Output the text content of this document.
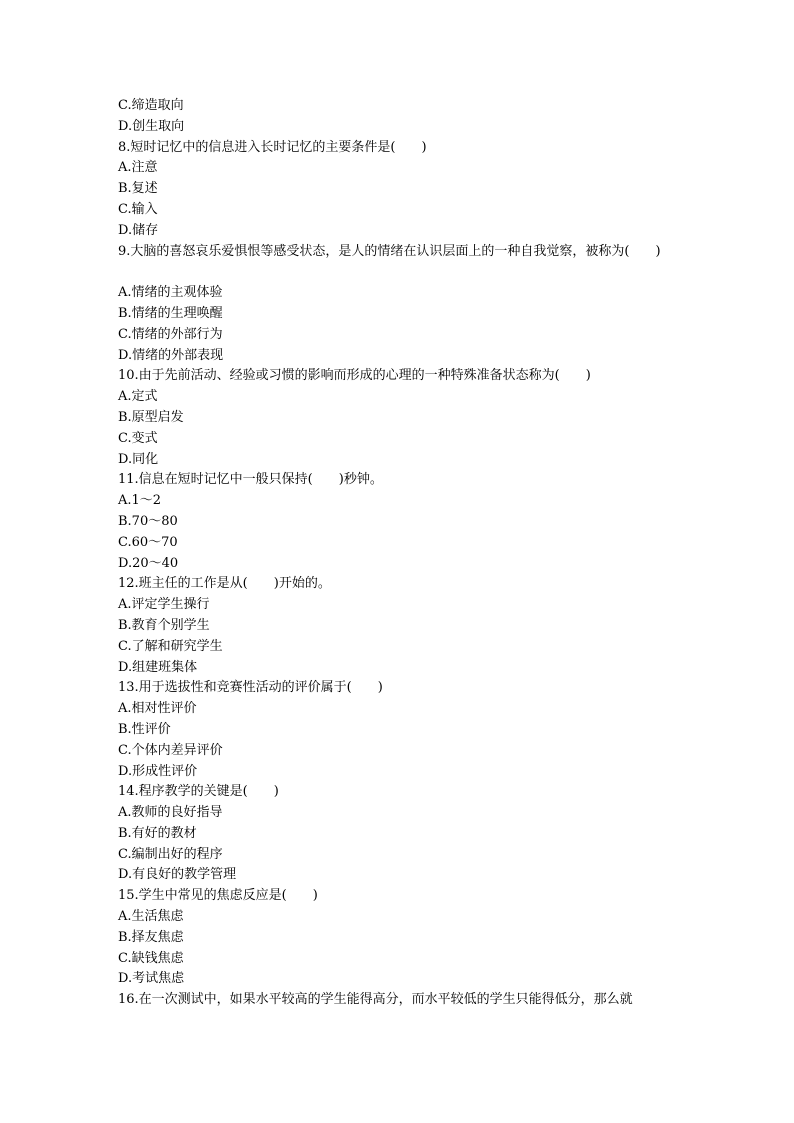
C.缔造取向
D.创生取向
8.短时记忆中的信息进入长时记忆的主要条件是(　　)
A.注意
B.复述
C.输入
D.储存
9.大脑的喜怒哀乐爱惧恨等感受状态，是人的情绪在认识层面上的一种自我觉察，被称为(　　)
A.情绪的主观体验
B.情绪的生理唤醒
C.情绪的外部行为
D.情绪的外部表现
10.由于先前活动、经验或习惯的影响而形成的心理的一种特殊准备状态称为(　　)
A.定式
B.原型启发
C.变式
D.同化
11.信息在短时记忆中一般只保持(　　)秒钟。
A.1～2
B.70～80
C.60～70
D.20～40
12.班主任的工作是从(　　)开始的。
A.评定学生操行
B.教育个别学生
C.了解和研究学生
D.组建班集体
13.用于选拔性和竞赛性活动的评价属于(　　)
A.相对性评价
B.性评价
C.个体内差异评价
D.形成性评价
14.程序教学的关键是(　　)
A.教师的良好指导
B.有好的教材
C.编制出好的程序
D.有良好的教学管理
15.学生中常见的焦虑反应是(　　)
A.生活焦虑
B.择友焦虑
C.缺钱焦虑
D.考试焦虑
16.在一次测试中，如果水平较高的学生能得高分，而水平较低的学生只能得低分，那么就
